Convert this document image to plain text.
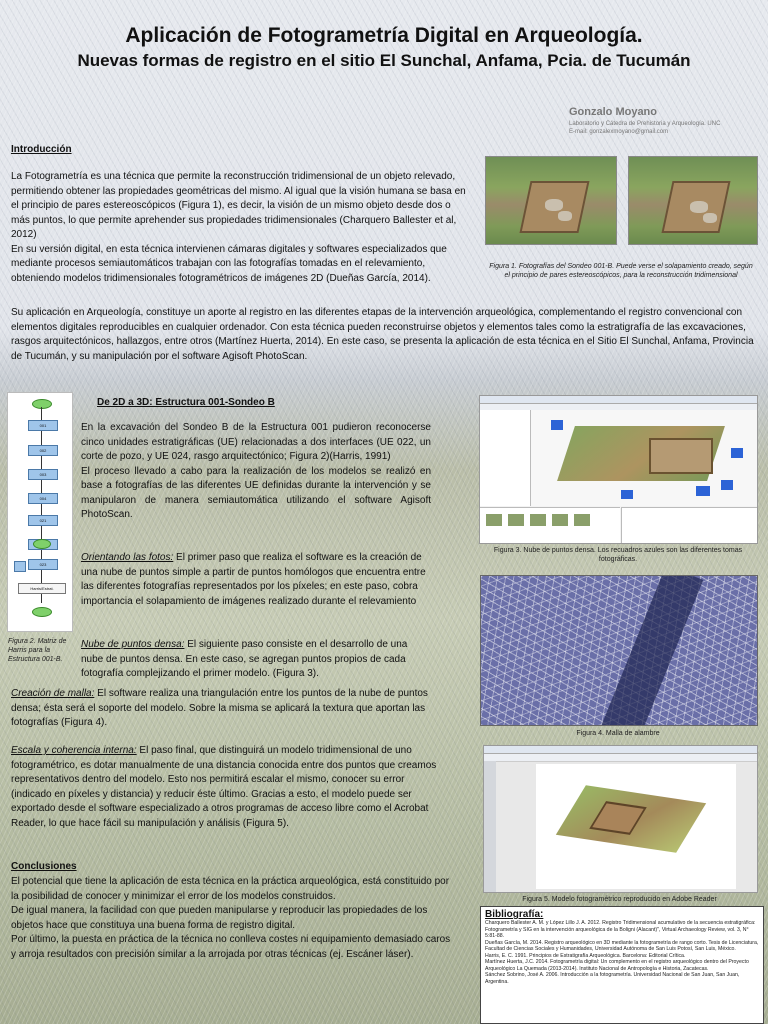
Aplicación de Fotogrametría Digital en Arqueología.
Nuevas formas de registro en el sitio El Sunchal, Anfama, Pcia. de Tucumán
Gonzalo Moyano
Laboratorio y Cátedra de Prehistoria y Arqueología. UNC
E-mail: gonzalexmoyano@gmail.com
Introducción
La Fotogrametría es una técnica que permite la reconstrucción tridimensional de un objeto relevado, permitiendo obtener las propiedades geométricas del mismo. Al igual que la visión humana se basa en el principio de pares estereoscópicos (Figura 1), es decir, la visión de un mismo objeto desde dos o más puntos, lo que permite aprehender sus propiedades tridimensionales (Charquero Ballester et al, 2012)
En su versión digital, en esta técnica intervienen cámaras digitales y softwares especializados que mediante procesos semiautomáticos trabajan con las fotografías tomadas en el relevamiento, obteniendo modelos tridimensionales fotogramétricos de imágenes 2D (Dueñas García, 2014).
Figura 1. Fotografías del Sondeo 001-B. Puede verse el solapamiento creado, según el principio de pares estereoscópicos, para la reconstrucción tridimensional
Su aplicación en Arqueología, constituye un aporte al registro en las diferentes etapas de la intervención arqueológica, complementando el registro convencional con elementos digitales reproducibles en cualquier ordenador. Con esta técnica pueden reconstruirse objetos y elementos tales como la estratigrafía de las excavaciones, rasgos arquitectónicos, hallazgos, entre otros (Martínez Huerta, 2014). En este caso, se presenta la aplicación de esta técnica en el Sitio El Sunchal, Anfama, Provincia de Tucumán, y su manipulación por el software Agisoft PhotoScan.
001
002
003
004
021
023
Harris/Estrat.
Figura 2. Matriz de Harris para la Estructura 001-B.
De 2D a 3D: Estructura 001-Sondeo B
En la excavación del Sondeo B de la Estructura 001 pudieron reconocerse cinco unidades estratigráficas (UE) relacionadas a dos interfaces (UE 022, un corte de pozo, y UE 024, rasgo arquitectónico; Figura 2)(Harris, 1991)
El proceso llevado a cabo para la realización de los modelos se realizó en base a fotografías de las diferentes UE definidas durante la intervención y se manipularon de manera semiautomática utilizando el software Agisoft PhotoScan.
Orientando las fotos: El primer paso que realiza el software es la creación de una nube de puntos simple a partir de puntos homólogos que encuentra entre las diferentes fotografías representados por los píxeles; en este paso, cobra importancia el solapamiento de imágenes realizado durante el relevamiento
Nube de puntos densa: El siguiente paso consiste en el desarrollo de una nube de puntos densa. En este caso, se agregan puntos propios de cada fotografía complejizando el primer modelo. (Figura 3).
Creación de malla: El software realiza una triangulación entre los puntos de la nube de puntos densa; ésta será el soporte del modelo. Sobre la misma se aplicará la textura que aportan las fotografías (Figura 4).
Escala y coherencia interna: El paso final, que distinguirá un modelo tridimensional de uno fotogramétrico, es dotar manualmente de una distancia conocida entre dos puntos que creamos representativos dentro del modelo. Esto nos permitirá escalar el mismo, conocer su error (indicado en píxeles y distancia) y reducir éste último. Gracias a esto, el modelo puede ser exportado desde el software especializado a otros programas de acceso libre como el Acrobat Reader, lo que hace fácil su manipulación y análisis (Figura 5).
Conclusiones
El potencial que tiene la aplicación de esta técnica en la práctica arqueológica, está constituido por la posibilidad de conocer y minimizar el error de los modelos construidos.
De igual manera, la facilidad con que pueden manipularse y reproducir las propiedades de los objetos hace que constituya una buena forma de registro digital.
Por último, la puesta en práctica de la técnica no conlleva costes ni equipamiento demasiado caros y arroja resultados con precisión similar a la arrojada por otras técnicas (ej. Escáner láser).
Figura 3. Nube de puntos densa. Los recuadros azules son las diferentes tomas fotográficas.
Figura 4. Malla de alambre
Figura 5. Modelo fotogramétrico reproducido en Adobe Reader
Bibliografía:
Charquero Ballester A. M. y López Lillo J. A. 2012. Registro Tridimensional acumulativo de la secuencia estratigráfica: Fotogrametría y SIG en la intervención arqueológica de la Boligni (Alacant)", Virtual Archaeology Review, vol. 3, N° 5:81-88.
Dueñas García, M. 2014. Registro arqueológico en 3D mediante la fotogrametría de rango corto. Tesis de Licenciatura, Facultad de Ciencias Sociales y Humanidades, Universidad Autónoma de San Luis Potosí, San Luis, México.
Harris, E. C. 1991. Principios de Estratigrafía Arqueológica. Barcelona: Editorial Crítica.
Martínez Huerta, J.C. 2014. Fotogrametría digital: Un complemento en el registro arqueológico dentro del Proyecto Arqueológico La Quemada (2013-2014). Instituto Nacional de Antropología e Historia, Zacatecas.
Sánchez Sobrino, José A. 2006. Introducción a la fotogrametría. Universidad Nacional de San Juan, San Juan, Argentina.
